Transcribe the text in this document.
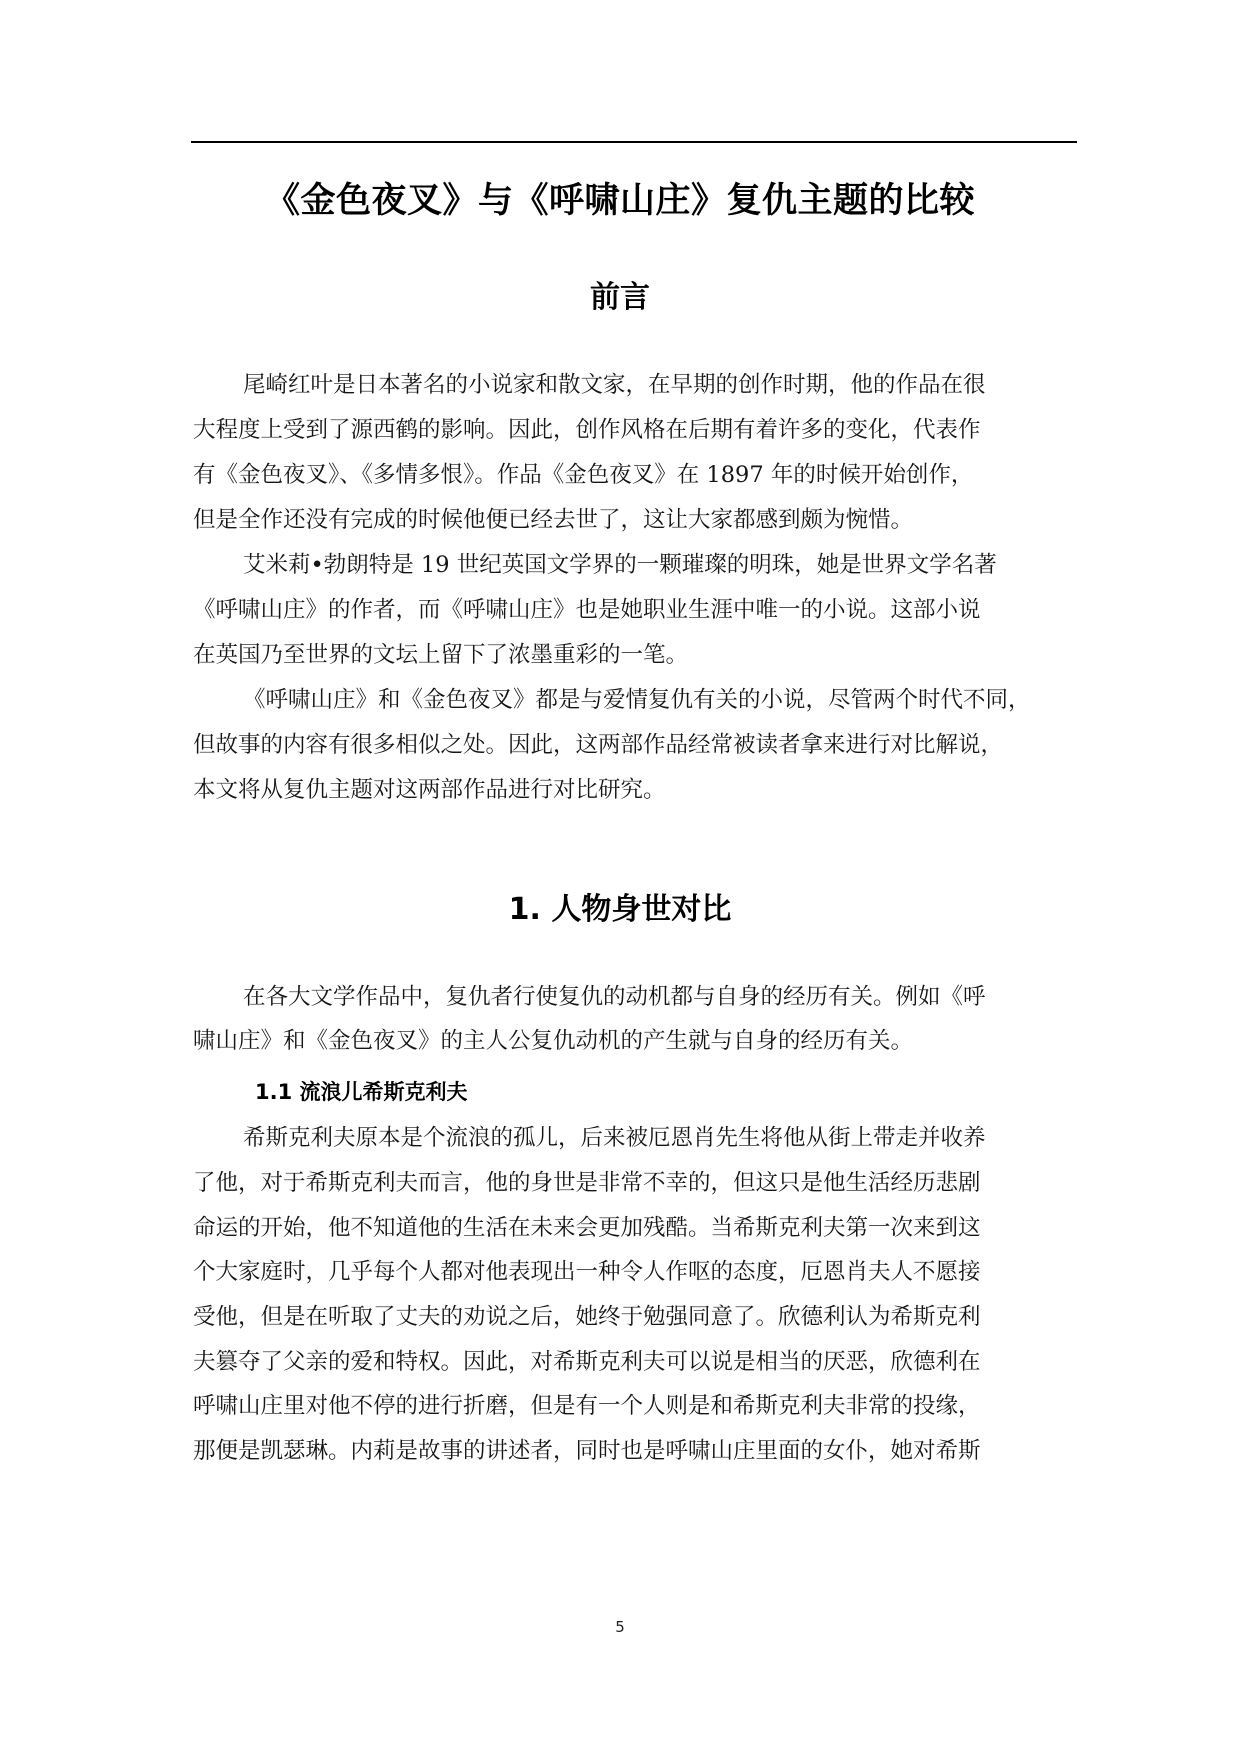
《金色夜叉》与《呼啸山庄》复仇主题的比较
前言

尾崎红叶是日本著名的小说家和散文家，在早期的创作时期，他的作品在很

大程度上受到了源西鹤的影响。因此，创作风格在后期有着许多的变化，代表作

有《金色夜叉》、《多情多恨》。作品《金色夜叉》在 1897 年的时候开始创作，

但是全作还没有完成的时候他便已经去世了，这让大家都感到颇为惋惜。

艾米莉•勃朗特是 19 世纪英国文学界的一颗璀璨的明珠，她是世界文学名著

《呼啸山庄》的作者，而《呼啸山庄》也是她职业生涯中唯一的小说。这部小说

在英国乃至世界的文坛上留下了浓墨重彩的一笔。

《呼啸山庄》和《金色夜叉》都是与爱情复仇有关的小说，尽管两个时代不同，

但故事的内容有很多相似之处。因此，这两部作品经常被读者拿来进行对比解说，

本文将从复仇主题对这两部作品进行对比研究。

1. 人物身世对比

在各大文学作品中，复仇者行使复仇的动机都与自身的经历有关。例如《呼

啸山庄》和《金色夜叉》的主人公复仇动机的产生就与自身的经历有关。

1.1 流浪儿希斯克利夫

希斯克利夫原本是个流浪的孤儿，后来被厄恩肖先生将他从街上带走并收养

了他，对于希斯克利夫而言，他的身世是非常不幸的，但这只是他生活经历悲剧

命运的开始，他不知道他的生活在未来会更加残酷。当希斯克利夫第一次来到这

个大家庭时，几乎每个人都对他表现出一种令人作呕的态度，厄恩肖夫人不愿接

受他，但是在听取了丈夫的劝说之后，她终于勉强同意了。欣德利认为希斯克利

夫篡夺了父亲的爱和特权。因此，对希斯克利夫可以说是相当的厌恶，欣德利在

呼啸山庄里对他不停的进行折磨，但是有一个人则是和希斯克利夫非常的投缘，

那便是凯瑟琳。内莉是故事的讲述者，同时也是呼啸山庄里面的女仆，她对希斯

5
